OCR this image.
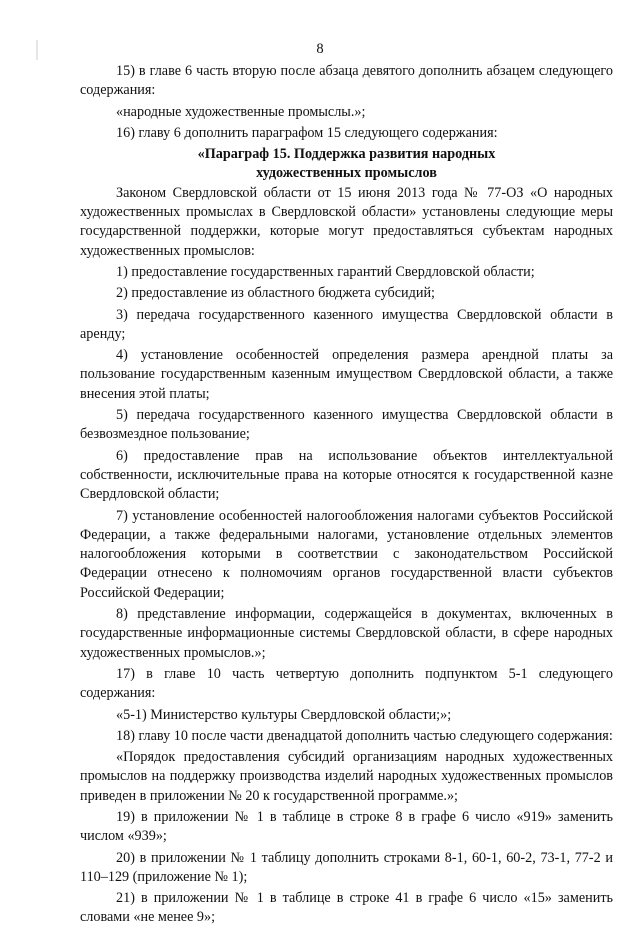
8

15) в главе 6 часть вторую после абзаца девятого дополнить абзацем следующего содержания:

«народные художественные промыслы.»;

16) главу 6 дополнить параграфом 15 следующего содержания:

«Параграф 15. Поддержка развития народных
художественных промыслов

Законом Свердловской области от 15 июня 2013 года № 77-ОЗ «О народных художественных промыслах в Свердловской области» установлены следующие меры государственной поддержки, которые могут предоставляться субъектам народных художественных промыслов:

1) предоставление государственных гарантий Свердловской области;

2) предоставление из областного бюджета субсидий;

3) передача государственного казенного имущества Свердловской области в аренду;

4) установление особенностей определения размера арендной платы за пользование государственным казенным имуществом Свердловской области, а также внесения этой платы;

5) передача государственного казенного имущества Свердловской области в безвозмездное пользование;

6) предоставление прав на использование объектов интеллектуальной собственности, исключительные права на которые относятся к государственной казне Свердловской области;

7) установление особенностей налогообложения налогами субъектов Российской Федерации, а также федеральными налогами, установление отдельных элементов налогообложения которыми в соответствии с законодательством Российской Федерации отнесено к полномочиям органов государственной власти субъектов Российской Федерации;

8) представление информации, содержащейся в документах, включенных в государственные информационные системы Свердловской области, в сфере народных художественных промыслов.»;

17) в главе 10 часть четвертую дополнить подпунктом 5-1 следующего содержания:

«5-1) Министерство культуры Свердловской области;»;

18) главу 10 после части двенадцатой дополнить частью следующего содержания:

«Порядок предоставления субсидий организациям народных художественных промыслов на поддержку производства изделий народных художественных промыслов приведен в приложении № 20 к государственной программе.»;

19) в приложении № 1 в таблице в строке 8 в графе 6 число «919» заменить числом «939»;

20) в приложении № 1 таблицу дополнить строками 8-1, 60-1, 60-2, 73-1, 77-2 и 110–129 (приложение № 1);

21) в приложении № 1 в таблице в строке 41 в графе 6 число «15» заменить словами «не менее 9»;
